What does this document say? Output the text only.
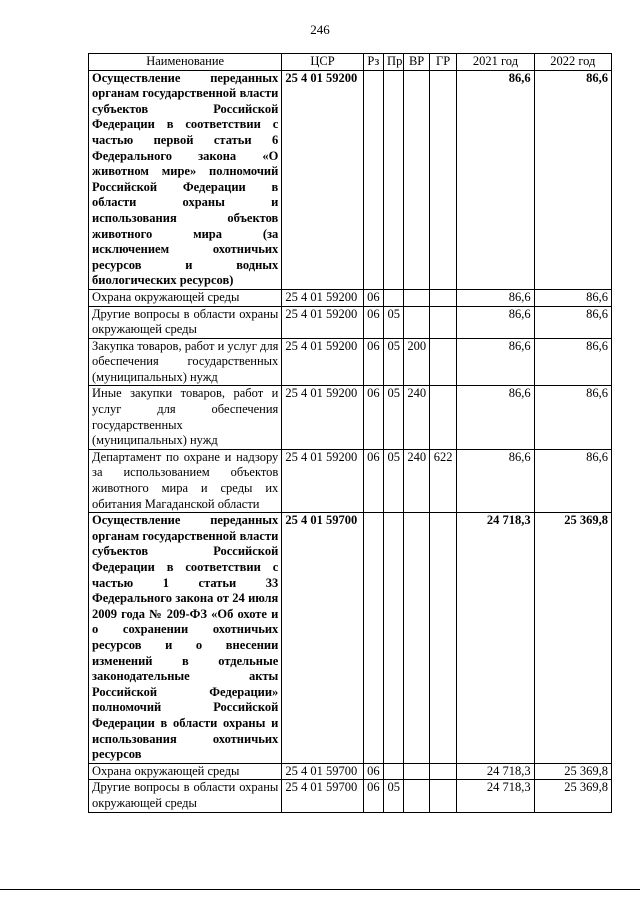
246
Наименование	ЦСР	Рз	Пр	ВР	ГР	2021 год	2022 год
Осуществление переданных органам государственной власти субъектов Российской Федерации в соответствии с частью первой статьи 6 Федерального закона «О животном мире» полномочий Российской Федерации в области охраны и использования объектов животного мира (за исключением охотничьих ресурсов и водных биологических ресурсов)	25 4 01 59200					86,6	86,6
Охрана окружающей среды	25 4 01 59200	06				86,6	86,6
Другие вопросы в области охраны окружающей среды	25 4 01 59200	06	05			86,6	86,6
Закупка товаров, работ и услуг для обеспечения государственных (муниципальных) нужд	25 4 01 59200	06	05	200		86,6	86,6
Иные закупки товаров, работ и услуг для обеспечения государственных (муниципальных) нужд	25 4 01 59200	06	05	240		86,6	86,6
Департамент по охране и надзору за использованием объектов животного мира и среды их обитания Магаданской области	25 4 01 59200	06	05	240	622	86,6	86,6
Осуществление переданных органам государственной власти субъектов Российской Федерации в соответствии с частью 1 статьи 33 Федерального закона от 24 июля 2009 года № 209-ФЗ «Об охоте и о сохранении охотничьих ресурсов и о внесении изменений в отдельные законодательные акты Российской Федерации» полномочий Российской Федерации в области охраны и использования охотничьих ресурсов	25 4 01 59700					24 718,3	25 369,8
Охрана окружающей среды	25 4 01 59700	06				24 718,3	25 369,8
Другие вопросы в области охраны окружающей среды	25 4 01 59700	06	05			24 718,3	25 369,8
